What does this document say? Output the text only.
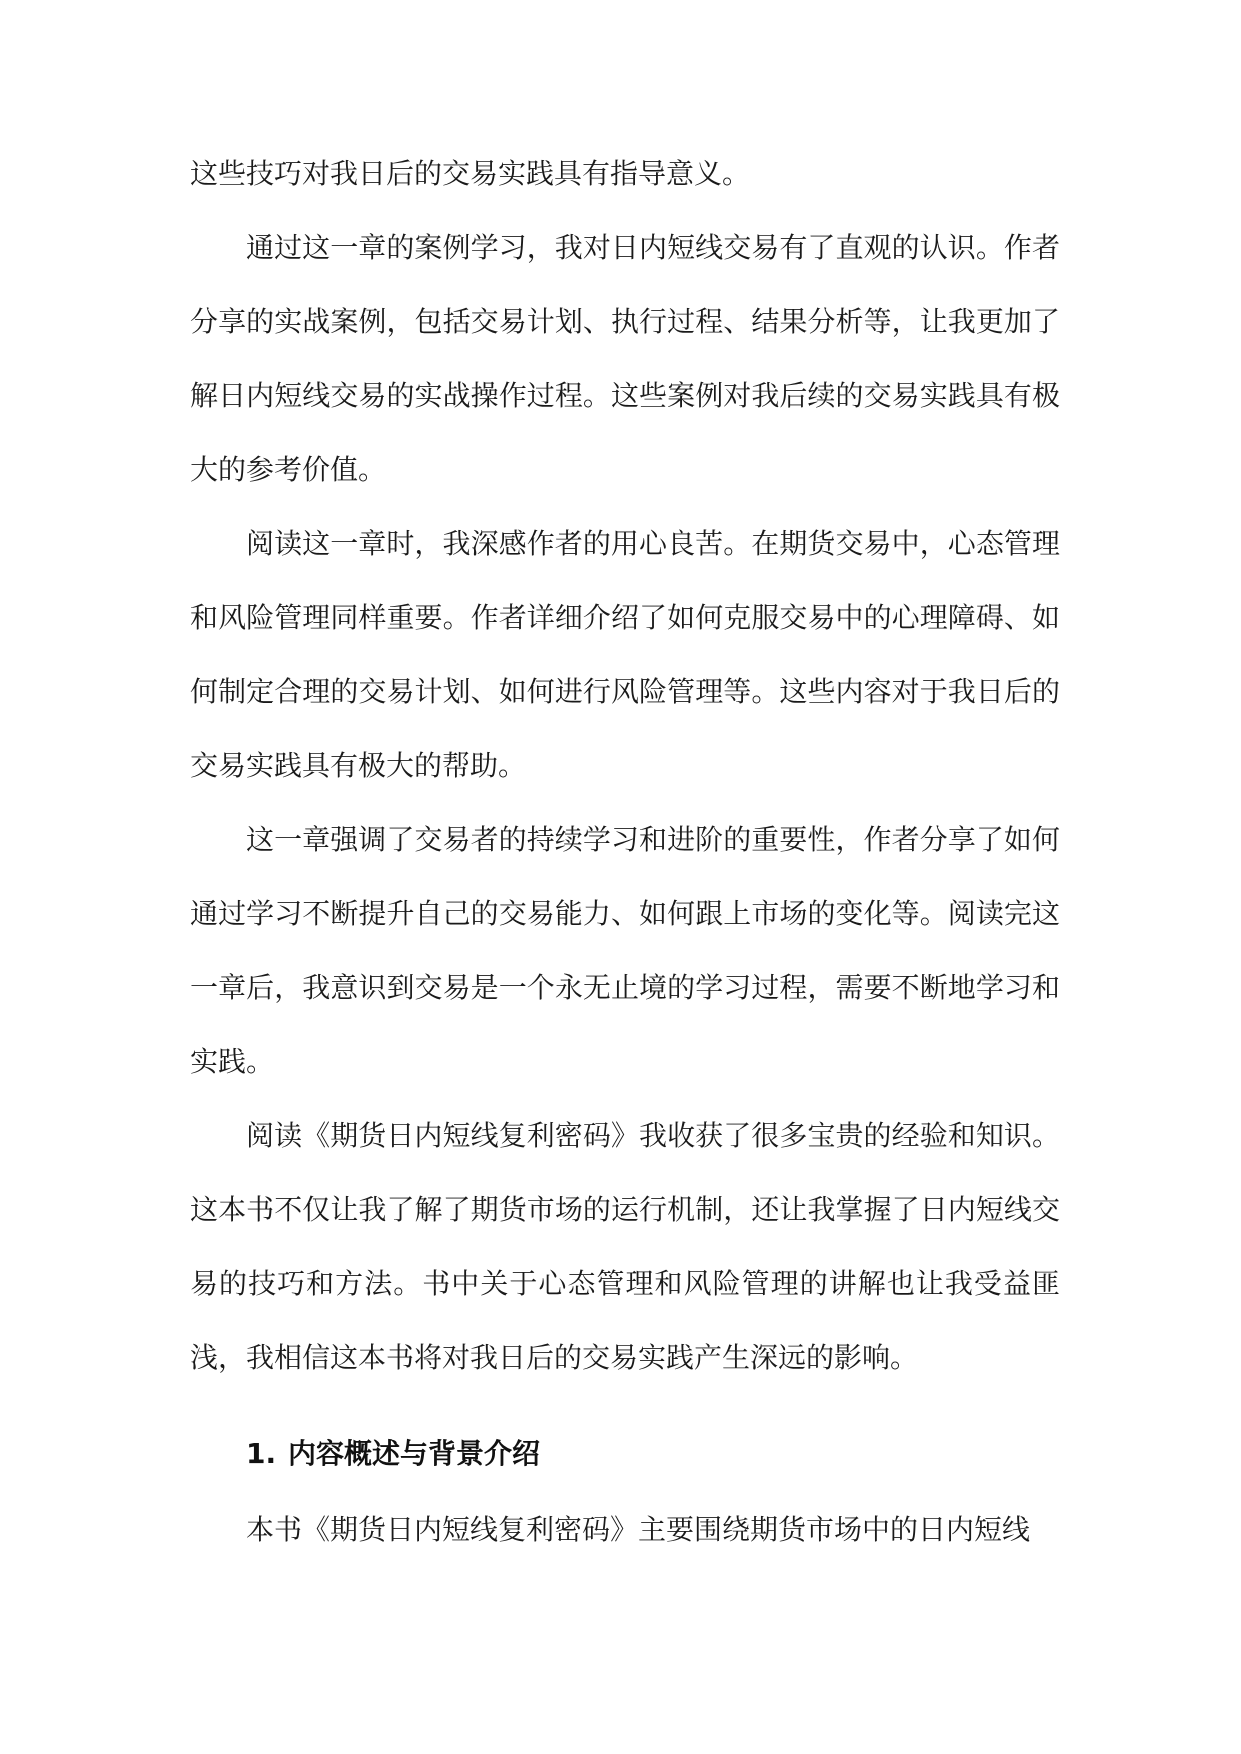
这些技巧对我日后的交易实践具有指导意义。

通过这一章的案例学习，我对日内短线交易有了直观的认识。作者分享的实战案例，包括交易计划、执行过程、结果分析等，让我更加了解日内短线交易的实战操作过程。这些案例对我后续的交易实践具有极大的参考价值。

阅读这一章时，我深感作者的用心良苦。在期货交易中，心态管理和风险管理同样重要。作者详细介绍了如何克服交易中的心理障碍、如何制定合理的交易计划、如何进行风险管理等。这些内容对于我日后的交易实践具有极大的帮助。

这一章强调了交易者的持续学习和进阶的重要性，作者分享了如何通过学习不断提升自己的交易能力、如何跟上市场的变化等。阅读完这一章后，我意识到交易是一个永无止境的学习过程，需要不断地学习和实践。

阅读《期货日内短线复利密码》我收获了很多宝贵的经验和知识。这本书不仅让我了解了期货市场的运行机制，还让我掌握了日内短线交易的技巧和方法。书中关于心态管理和风险管理的讲解也让我受益匪浅，我相信这本书将对我日后的交易实践产生深远的影响。

1. 内容概述与背景介绍

本书《期货日内短线复利密码》主要围绕期货市场中的日内短线
